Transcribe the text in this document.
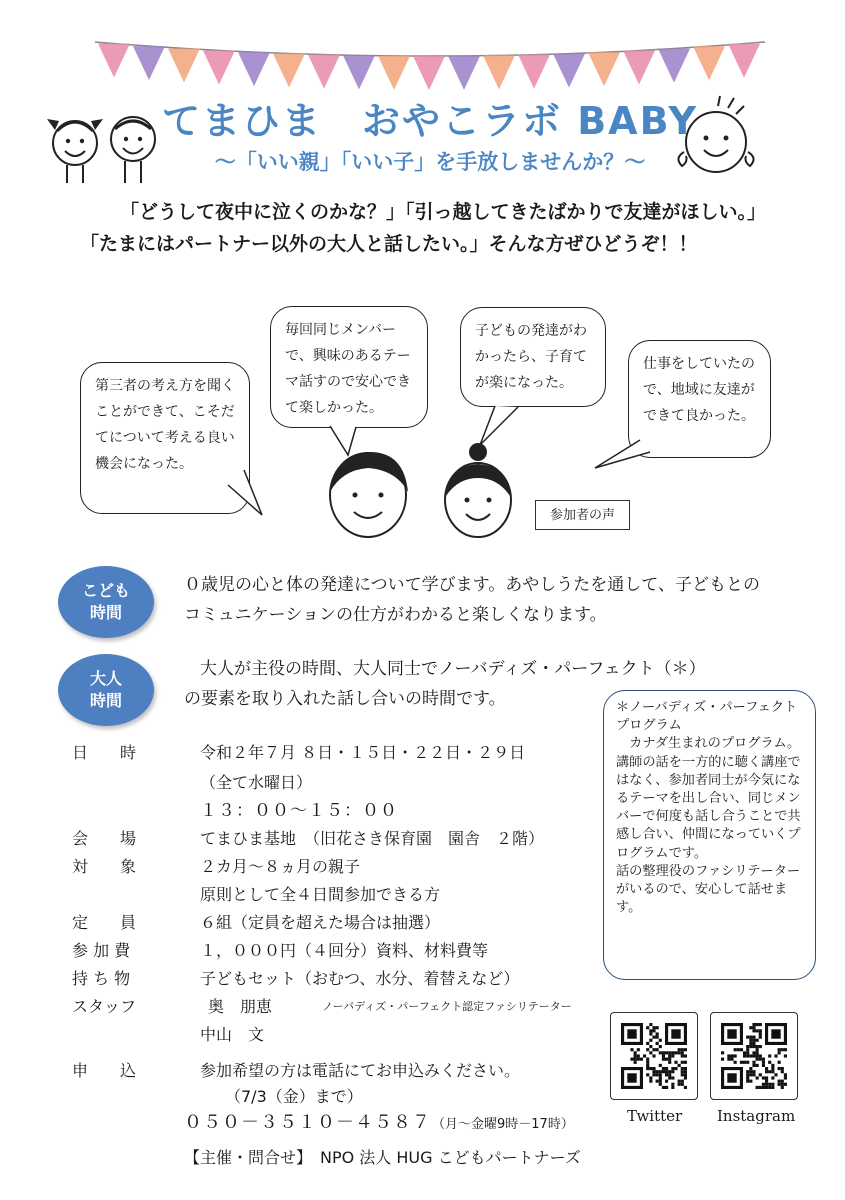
てまひま　おやこラボ BABY
～「いい親」「いい子」を手放しませんか？～
「どうして夜中に泣くのかな？」「引っ越してきたばかりで友達がほしい。」「たまにはパートナー以外の大人と話したい。」そんな方ぜひどうぞ！！
第三者の考え方を聞くことができて、こそだてについて考える良い機会になった。
毎回同じメンバーで、興味のあるテーマ話すので安心できて楽しかった。
子どもの発達がわかったら、子育てが楽になった。
仕事をしていたので、地域に友達ができて良かった。
参加者の声
こども
時間
０歳児の心と体の発達について学びます。あやしうたを通して、子どもとのコミュニケーションの仕方がわかると楽しくなります。
大人
時間
大人が主役の時間、大人同士でノーバディズ・パーフェクト（＊）
の要素を取り入れた話し合いの時間です。
日　　時	令和２年７月 ８日・１５日・２２日・２９日
（全て水曜日）
１３：００～１５：００
会　　場	てまひま基地　（旧花さき保育園　園舎　２階）
対　　象	２カ月～８ヵ月の親子
原則として全４日間参加できる方
定　　員	６組（定員を超えた場合は抽選）
参 加 費	１，０００円（４回分）資料、材料費等
持 ち 物	子どもセット（おむつ、水分、着替えなど）
スタッフ	奥　朋恵	ノーバディズ・パーフェクト認定ファシリテーター
中山　文
申　　込	参加希望の方は電話にてお申込みください。
（7/3（金）まで）
０５０－３５１０－４５８７ （月～金曜9時－17時）
【主催・問合せ】　NPO 法人 HUG こどもパートナーズ
＊ノーバディズ・パーフェクトプログラム
　カナダ生まれのプログラム。
講師の話を一方的に聴く講座ではなく、参加者同士が今気になるテーマを出し合い、同じメンバーで何度も話し合うことで共感し合い、仲間になっていくプログラムです。
話の整理役のファシリテーターがいるので、安心して話せます。
Twitter Instagram
